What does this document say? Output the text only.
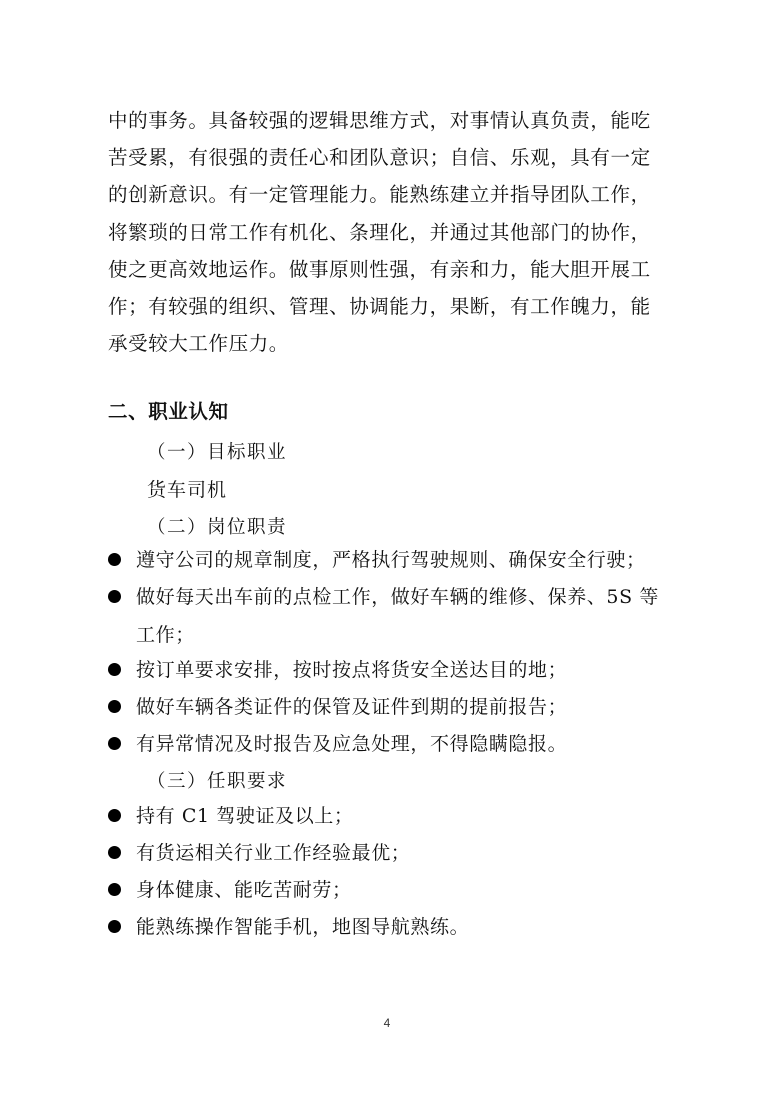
中的事务。具备较强的逻辑思维方式，对事情认真负责，能吃
苦受累，有很强的责任心和团队意识；自信、乐观，具有一定
的创新意识。有一定管理能力。能熟练建立并指导团队工作，
将繁琐的日常工作有机化、条理化，并通过其他部门的协作，
使之更高效地运作。做事原则性强，有亲和力，能大胆开展工
作；有较强的组织、管理、协调能力，果断，有工作魄力，能
承受较大工作压力。
二、职业认知
（一）目标职业
货车司机
（二）岗位职责
遵守公司的规章制度，严格执行驾驶规则、确保安全行驶；
做好每天出车前的点检工作，做好车辆的维修、保养、5S 等
工作；
按订单要求安排，按时按点将货安全送达目的地；
做好车辆各类证件的保管及证件到期的提前报告；
有异常情况及时报告及应急处理，不得隐瞒隐报。
（三）任职要求
持有 C1 驾驶证及以上；
有货运相关行业工作经验最优；
身体健康、能吃苦耐劳；
能熟练操作智能手机，地图导航熟练。
4
